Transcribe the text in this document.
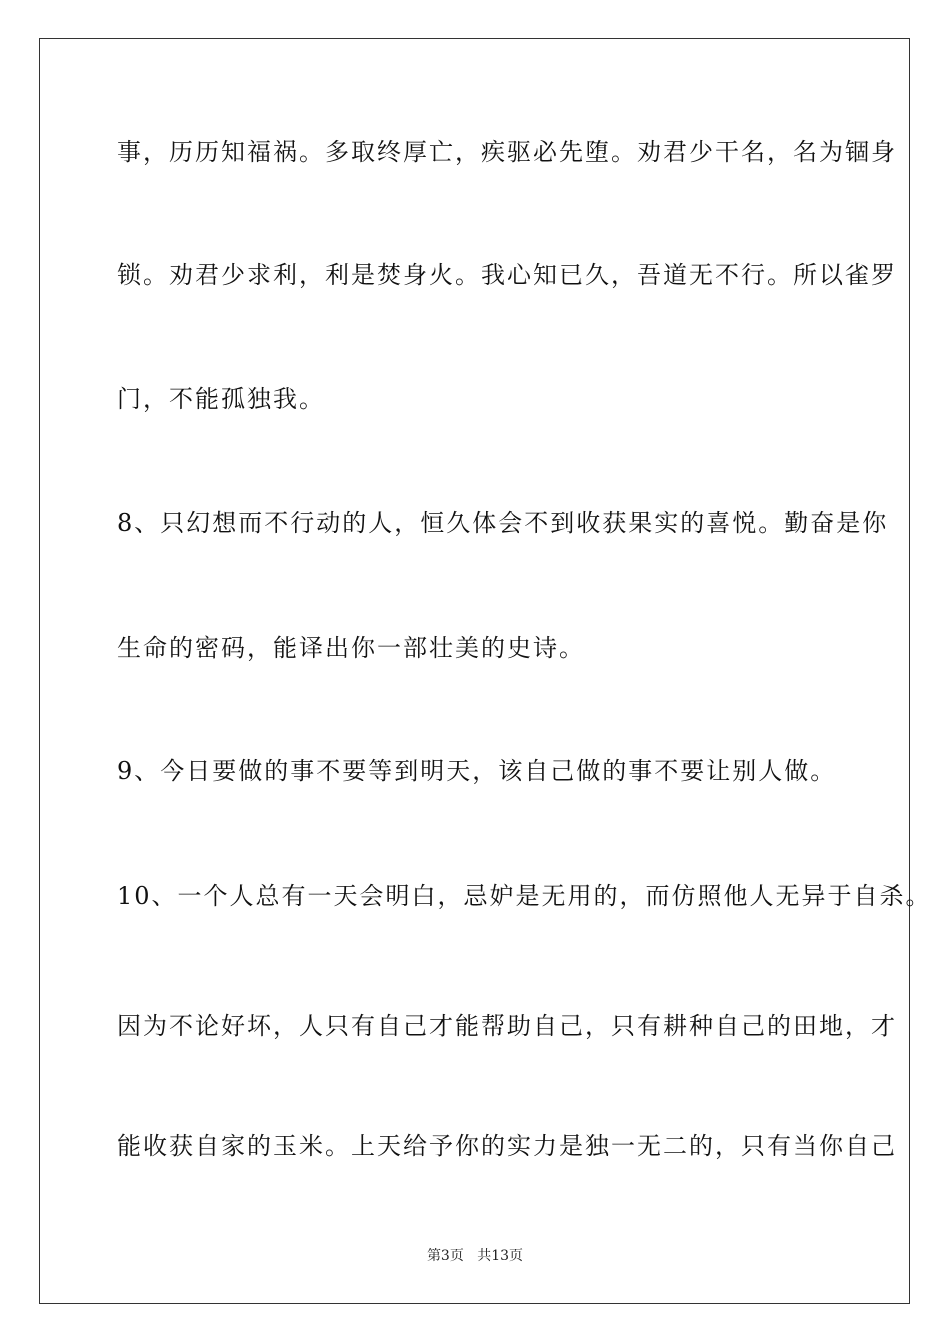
事，历历知福祸。多取终厚亡，疾驱必先堕。劝君少干名，名为锢身
锁。劝君少求利，利是焚身火。我心知已久，吾道无不行。所以雀罗
门，不能孤独我。
8、只幻想而不行动的人，恒久体会不到收获果实的喜悦。勤奋是你
生命的密码，能译出你一部壮美的史诗。
9、今日要做的事不要等到明天，该自己做的事不要让别人做。
10、一个人总有一天会明白，忌妒是无用的，而仿照他人无异于自杀。
因为不论好坏，人只有自己才能帮助自己，只有耕种自己的田地，才
能收获自家的玉米。上天给予你的实力是独一无二的，只有当你自己
第3页 共13页
